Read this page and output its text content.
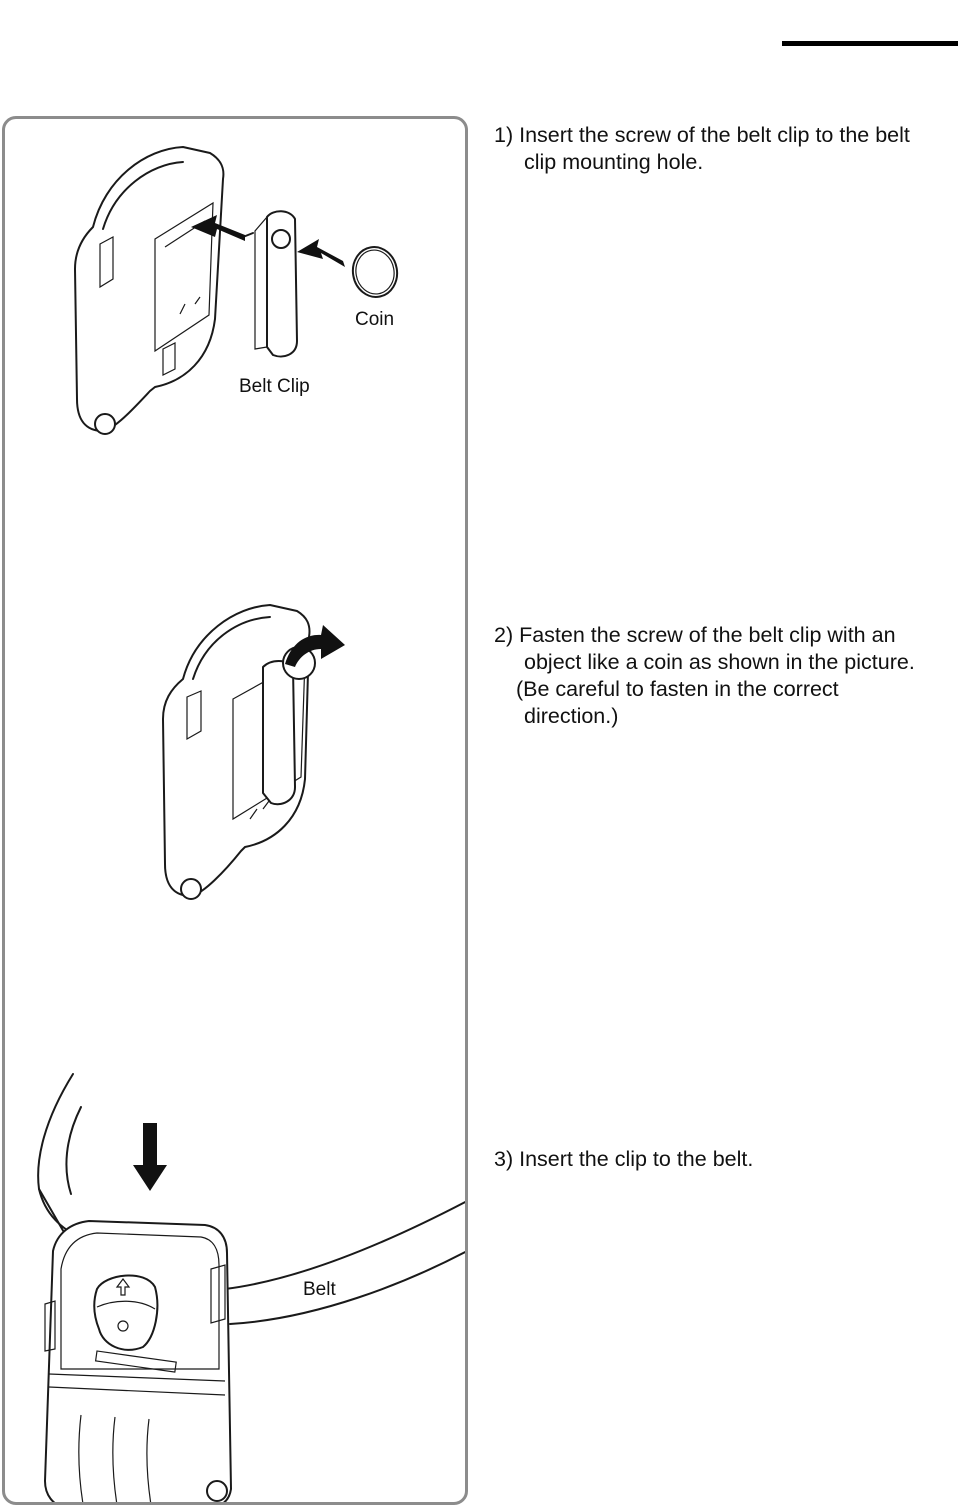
Coin
Belt Clip
Belt

1) Insert the screw of the belt clip to the belt

clip mounting hole.

2) Fasten the screw of the belt clip with an

object like a coin as shown in the picture.

(Be careful to fasten in the correct

direction.)

3) Insert the clip to the belt.
